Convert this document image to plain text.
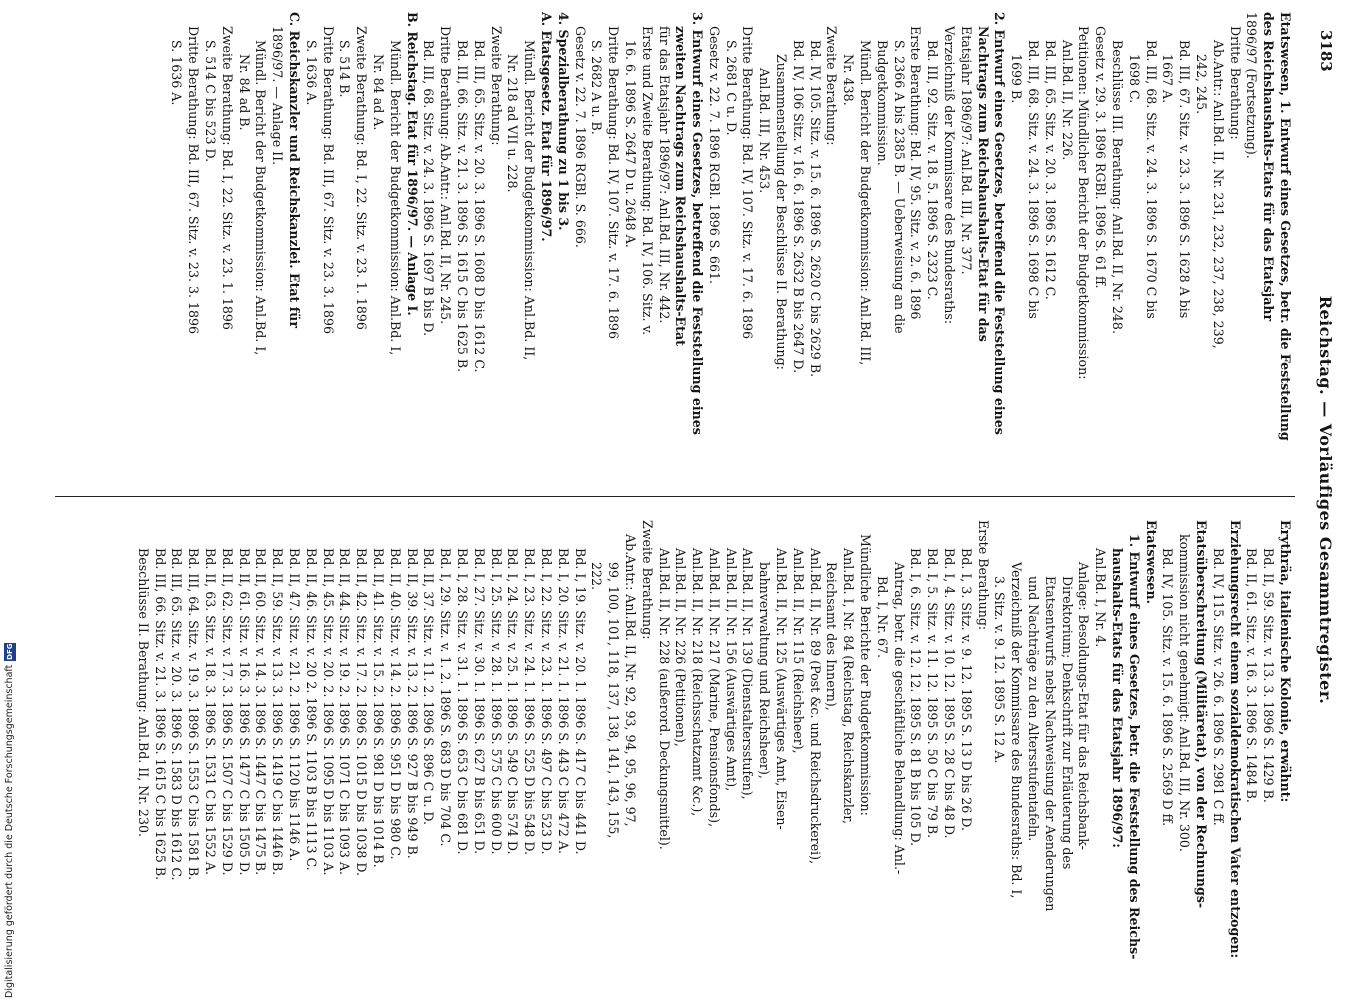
3183
Reichstag. — Vorläufiges Gesammtregister.
Etatswesen, 1. Entwurf eines Gesetzes, betr. die Feststellung
des Reichshaushalts-Etats für das Etatsjahr
1896/97 (Fortsetzung).
Dritte Berathung:
Ab.Antr.: Anl.Bd. II, Nr. 231, 232, 237, 238, 239,
242, 245.
Bd. III, 67. Sitz. v. 23. 3. 1896 S. 1628 A bis
1667 A.
Bd. III, 68. Sitz. v. 24. 3. 1896 S. 1670 C bis
1698 C.
Beschlüsse III. Berathung: Anl.Bd. II, Nr. 248.
Gesetz v. 29. 3. 1896 RGBl. 1896 S. 61 ff.
Petitionen: Mündlicher Bericht der Budgetkommission:
Anl.Bd. II, Nr. 226.
Bd. III, 65. Sitz. v. 20. 3. 1896 S. 1612 C.
Bd. III, 68. Sitz. v. 24. 3. 1896 S. 1698 C bis
1699 B.
2. Entwurf eines Gesetzes, betreffend die Feststellung eines
Nachtrags zum Reichshaushalts-Etat für das
Etatsjahr 1896/97: Anl.Bd. III, Nr. 377.
Verzeichniß der Kommissare des Bundesraths:
Bd. III, 92. Sitz. v. 18. 5. 1896 S. 2323 C.
Erste Berathung: Bd. IV, 95. Sitz. v. 2. 6. 1896
S. 2366 A bis 2385 B. — Ueberweisung an die
Budgetkommission.
Mündl. Bericht der Budgetkommission: Anl.Bd. III,
Nr. 438.
Zweite Berathung:
Bd. IV, 105. Sitz. v. 15. 6. 1896 S. 2620 C bis 2629 B.
Bd. IV, 106 Sitz. v. 16. 6. 1896 S. 2632 B bis 2647 D.
Zusammenstellung der Beschlüsse II. Berathung:
Anl.Bd. III, Nr. 453.
Dritte Berathung: Bd. IV, 107. Sitz. v. 17. 6. 1896
S. 2681 C u. D.
Gesetz v. 22. 7. 1896 RGBl. 1896 S. 661.
3. Entwurf eines Gesetzes, betreffend die Feststellung eines
zweiten Nachtrags zum Reichshaushalts-Etat
für das Etatsjahr 1896/97: Anl.Bd. III, Nr. 442.
Erste und Zweite Berathung: Bd. IV, 106. Sitz. v.
16. 6. 1896 S. 2647 D u. 2648 A.
Dritte Berathung: Bd. IV, 107. Sitz. v. 17. 6. 1896
S. 2682 A u. B.
Gesetz v. 22. 7. 1896 RGBl. S. 666.
4. Spezialberathung zu 1 bis 3.
A. Etatsgesetz. Etat für 1896/97.
Mündl. Bericht der Budgetkommission: Anl.Bd. II,
Nr. 218 ad VII u. 228.
Zweite Berathung:
Bd. III, 65. Sitz. v. 20. 3. 1896 S. 1608 D bis 1612 C.
Bd. III, 66. Sitz. v. 21. 3. 1896 S. 1615 C bis 1625 B.
Dritte Berathung: Ab.Antr.: Anl.Bd. II, Nr. 245.
Bd. III, 68. Sitz. v. 24. 3. 1896 S. 1697 B bis D.
B. Reichstag. Etat für 1896/97. — Anlage I.
Mündl. Bericht der Budgetkommission: Anl.Bd. I,
Nr. 84 ad A.
Zweite Berathung: Bd. I, 22. Sitz. v. 23. 1. 1896
S. 514 B.
Dritte Berathung: Bd. III, 67. Sitz. v. 23. 3. 1896
S. 1636 A.
C. Reichskanzler und Reichskanzlei. Etat für
1896/97. — Anlage II.
Mündl. Bericht der Budgetkommission: Anl.Bd. I,
Nr. 84 ad B.
Zweite Berathung: Bd. I, 22. Sitz. v. 23. 1. 1896
S. 514 C bis 523 D.
Dritte Berathung: Bd. III, 67. Sitz. v. 23. 3. 1896
S. 1636 A.
Erythräa, italienische Kolonie, erwähnt:
Bd. II, 59. Sitz. v. 13. 3. 1896 S. 1429 B.
Bd. II, 61. Sitz. v. 16. 3. 1896 S. 1484 B.
Erziehungsrecht einem sozialdemokratischen Vater entzogen:
Bd. IV, 115. Sitz. v. 26. 6. 1896 S. 2981 C ff.
Etatsüberschreitung (Militäretat), von der Rechnungs-
kommission nicht genehmigt: Anl.Bd. III, Nr. 300.
Bd. IV, 105. Sitz. v. 15. 6. 1896 S. 2569 D ff.
Etatswesen.
1. Entwurf eines Gesetzes, betr. die Feststellung des Reichs-
haushalts-Etats für das Etatsjahr 1896/97:
Anl.Bd. I, Nr. 4.
Anlage: Besoldungs-Etat für das Reichsbank-
Direktorium; Denkschrift zur Erläuterung des
Etatsentwurfs nebst Nachweisung der Aenderungen
und Nachträge zu den Altersstufentafeln.
Verzeichniß der Kommissare des Bundesraths: Bd. I,
3. Sitz. v. 9. 12. 1895 S. 12 A.
Erste Berathung:
Bd. I, 3. Sitz. v. 9. 12. 1895 S. 13 D bis 26 D.
Bd. I, 4. Sitz. v. 10. 12. 1895 S. 28 C bis 48 D.
Bd. I, 5. Sitz. v. 11. 12. 1895 S. 50 C bis 79 B.
Bd. I, 6. Sitz. v. 12. 12. 1895 S. 81 B bis 105 D.
Antrag, betr. die geschäftliche Behandlung: Anl.-
Bd. I, Nr. 67.
Mündliche Berichte der Budgetkommission:
Anl.Bd. I, Nr. 84 (Reichstag, Reichskanzler,
Reichsamt des Innern),
Anl.Bd. II, Nr. 89 (Post &c. und Reichsdruckerei),
Anl.Bd. II, Nr. 115 (Reichsheer),
Anl.Bd. II, Nr. 125 (Auswärtiges Amt, Eisen-
bahnverwaltung und Reichsheer),
Anl.Bd. II, Nr. 139 (Dienstaltersstufen),
Anl.Bd. II, Nr. 156 (Auswärtiges Amt),
Anl.Bd. II, Nr. 217 (Marine, Pensionsfonds),
Anl.Bd. II, Nr. 218 (Reichsschatzamt &c.),
Anl.Bd. II, Nr. 226 (Petitionen),
Anl.Bd. II, Nr. 228 (außerord. Deckungsmittel).
Zweite Berathung:
Ab.Antr.: Anl.Bd. II, Nr. 92, 93, 94, 95, 96, 97,
99, 100, 101, 118, 137, 138, 141, 143, 155,
222.
Bd. I, 19. Sitz. v. 20. 1. 1896 S. 417 C bis 441 D.
Bd. I, 20. Sitz. v. 21. 1. 1896 S. 443 C bis 472 A.
Bd. I, 22. Sitz. v. 23. 1. 1896 S. 497 C bis 523 D.
Bd. I, 23. Sitz. v. 24. 1. 1896 S. 525 D bis 548 D.
Bd. I, 24. Sitz. v. 25. 1. 1896 S. 549 C bis 574 D.
Bd. I, 25. Sitz. v. 28. 1. 1896 S. 575 C bis 600 D.
Bd. I, 27. Sitz. v. 30. 1. 1896 S. 627 B bis 651 D.
Bd. I, 28. Sitz. v. 31. 1. 1896 S. 653 C bis 681 D.
Bd. I, 29. Sitz. v. 1. 2. 1896 S. 683 D bis 704 C.
Bd. II, 37. Sitz. v. 11. 2. 1896 S. 896 C u. D.
Bd. II, 39. Sitz. v. 13. 2. 1896 S. 927 B bis 949 B.
Bd. II, 40. Sitz. v. 14. 2. 1896 S. 951 D bis 980 C.
Bd. II, 41. Sitz. v. 15. 2. 1896 S. 981 D bis 1014 B.
Bd. II, 42. Sitz. v. 17. 2. 1896 S. 1015 D bis 1038 D.
Bd. II, 44. Sitz. v. 19. 2. 1896 S. 1071 C bis 1093 A.
Bd. II, 45. Sitz. v. 20. 2. 1896 S. 1095 D bis 1103 A.
Bd. II, 46. Sitz. v. 20 2. 1896 S. 1103 B bis 1113 C.
Bd. II, 47. Sitz. v. 21. 2. 1896 S. 1120 bis 1146 A.
Bd. II, 59. Sitz. v. 13. 3. 1896 S. 1419 C bis 1446 B.
Bd. II, 60. Sitz. v. 14. 3. 1896 S. 1447 C bis 1475 B.
Bd. II, 61. Sitz. v. 16. 3. 1896 S. 1477 C bis 1505 D.
Bd. II, 62. Sitz. v. 17. 3. 1896 S. 1507 C bis 1529 D.
Bd. II, 63. Sitz. v. 18. 3. 1896 S. 1531 C bis 1552 A.
Bd. III, 64. Sitz. v. 19. 3. 1896 S. 1553 C bis 1581 B.
Bd. III, 65. Sitz. v. 20. 3. 1896 S. 1583 D bis 1612 C.
Bd. III, 66. Sitz. v. 21. 3. 1896 S. 1615 C bis 1625 B.
Beschlüsse II. Berathung: Anl.Bd. II, Nr. 230.
Digitalisierung gefördert durch die Deutsche ForschungsgemeinschaftDFG
